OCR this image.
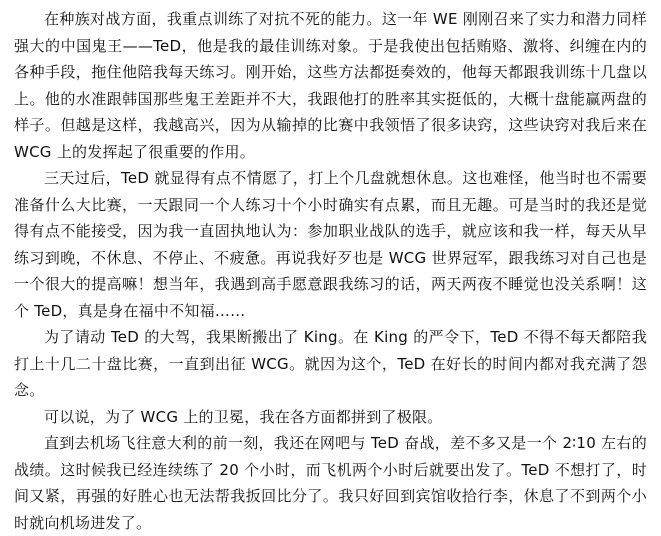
在种族对战方面，我重点训练了对抗不死的能力。这一年 WE 刚刚召来了实力和潜力同样强大的中国鬼王——TeD，他是我的最佳训练对象。于是我使出包括贿赂、激将、纠缠在内的各种手段，拖住他陪我每天练习。刚开始，这些方法都挺奏效的，他每天都跟我训练十几盘以上。他的水准跟韩国那些鬼王差距并不大，我跟他打的胜率其实挺低的，大概十盘能赢两盘的样子。但越是这样，我越高兴，因为从输掉的比赛中我领悟了很多诀窍，这些诀窍对我后来在 WCG 上的发挥起了很重要的作用。

三天过后，TeD 就显得有点不情愿了，打上个几盘就想休息。这也难怪，他当时也不需要准备什么大比赛，一天跟同一个人练习十个小时确实有点累，而且无趣。可是当时的我还是觉得有点不能接受，因为我一直固执地认为：参加职业战队的选手，就应该和我一样，每天从早练习到晚，不休息、不停止、不疲惫。再说我好歹也是 WCG 世界冠军，跟我练习对自己也是一个很大的提高嘛！想当年，我遇到高手愿意跟我练习的话，两天两夜不睡觉也没关系啊！这个 TeD，真是身在福中不知福……

为了请动 TeD 的大驾，我果断搬出了 King。在 King 的严令下，TeD 不得不每天都陪我打上十几二十盘比赛，一直到出征 WCG。就因为这个，TeD 在好长的时间内都对我充满了怨念。

可以说，为了 WCG 上的卫冕，我在各方面都拼到了极限。

直到去机场飞往意大利的前一刻，我还在网吧与 TeD 奋战，差不多又是一个 2∶10 左右的战绩。这时候我已经连续练了 20 个小时，而飞机两个小时后就要出发了。TeD 不想打了，时间又紧，再强的好胜心也无法帮我扳回比分了。我只好回到宾馆收拾行李，休息了不到两个小时就向机场进发了。
